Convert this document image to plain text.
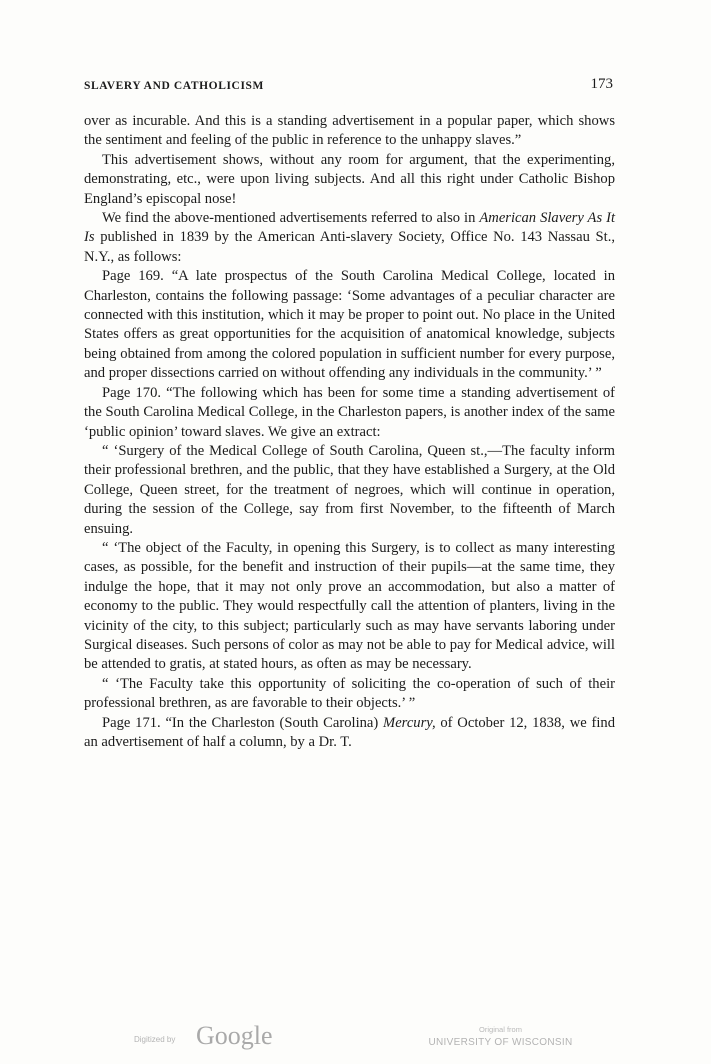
SLAVERY AND CATHOLICISM	173

over as incurable. And this is a standing advertisement in a popular paper, which shows the sentiment and feeling of the public in reference to the unhappy slaves.”

This advertisement shows, without any room for argument, that the experimenting, demonstrating, etc., were upon living subjects. And all this right under Catholic Bishop England’s episcopal nose!

We find the above-mentioned advertisements referred to also in American Slavery As It Is published in 1839 by the American Anti-slavery Society, Office No. 143 Nassau St., N.Y., as follows:

Page 169. “A late prospectus of the South Carolina Medical College, located in Charleston, contains the following passage: ‘Some advantages of a peculiar character are connected with this institution, which it may be proper to point out. No place in the United States offers as great opportunities for the acquisition of anatomical knowledge, subjects being obtained from among the colored population in sufficient number for every purpose, and proper dissections carried on without offending any individuals in the community.’ ”

Page 170. “The following which has been for some time a standing advertisement of the South Carolina Medical College, in the Charleston papers, is another index of the same ‘public opinion’ toward slaves. We give an extract:

“ ‘Surgery of the Medical College of South Carolina, Queen st.,—The faculty inform their professional brethren, and the public, that they have established a Surgery, at the Old College, Queen street, for the treatment of negroes, which will continue in operation, during the session of the College, say from first November, to the fifteenth of March ensuing.

“ ‘The object of the Faculty, in opening this Surgery, is to collect as many interesting cases, as possible, for the benefit and instruction of their pupils—at the same time, they indulge the hope, that it may not only prove an accommodation, but also a matter of economy to the public. They would respectfully call the attention of planters, living in the vicinity of the city, to this subject; particularly such as may have servants laboring under Surgical diseases. Such persons of color as may not be able to pay for Medical advice, will be attended to gratis, at stated hours, as often as may be necessary.

“ ‘The Faculty take this opportunity of soliciting the co-operation of such of their professional brethren, as are favorable to their objects.’ ”

Page 171. “In the Charleston (South Carolina) Mercury, of October 12, 1838, we find an advertisement of half a column, by a Dr. T.

Digitized by Google	Original from
UNIVERSITY OF WISCONSIN
